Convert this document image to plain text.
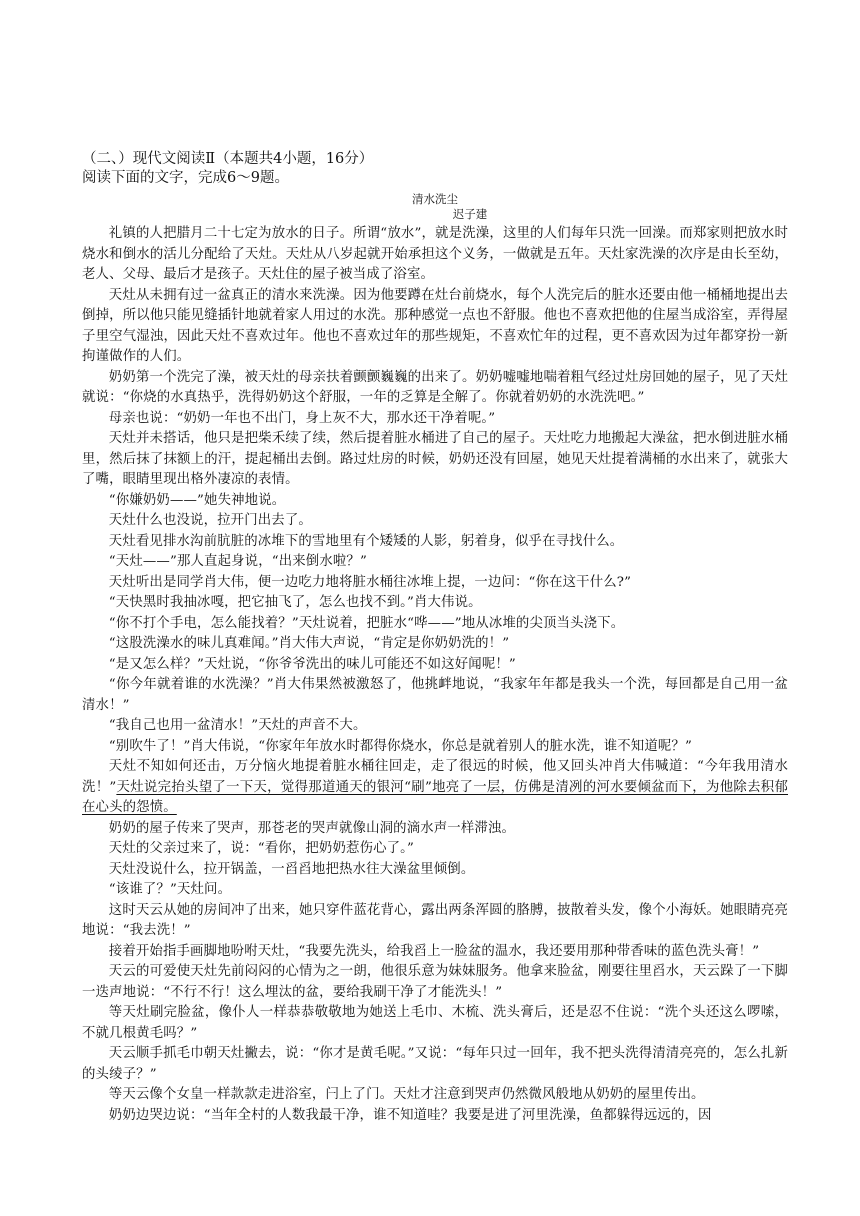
（二、）现代文阅读Ⅱ（本题共4小题，16分）

阅读下面的文字，完成6～9题。

清水洗尘

迟子建

礼镇的人把腊月二十七定为放水的日子。所谓“放水”，就是洗澡，这里的人们每年只洗一回澡。而郑家则把放水时烧水和倒水的活儿分配给了天灶。天灶从八岁起就开始承担这个义务，一做就是五年。天灶家洗澡的次序是由长至幼，老人、父母、最后才是孩子。天灶住的屋子被当成了浴室。

天灶从未拥有过一盆真正的清水来洗澡。因为他要蹲在灶台前烧水，每个人洗完后的脏水还要由他一桶桶地提出去倒掉，所以他只能见缝插针地就着家人用过的水洗。那种感觉一点也不舒服。他也不喜欢把他的住屋当成浴室，弄得屋子里空气湿浊，因此天灶不喜欢过年。他也不喜欢过年的那些规矩，不喜欢忙年的过程，更不喜欢因为过年都穿扮一新拘谨做作的人们。

奶奶第一个洗完了澡，被天灶的母亲扶着颤颤巍巍的出来了。奶奶嘘嘘地喘着粗气经过灶房回她的屋子，见了天灶就说：“你烧的水真热乎，洗得奶奶这个舒服，一年的乏算是全解了。你就着奶奶的水洗洗吧。”

母亲也说：“奶奶一年也不出门，身上灰不大，那水还干净着呢。”

天灶并未搭话，他只是把柴禾续了续，然后提着脏水桶进了自己的屋子。天灶吃力地搬起大澡盆，把水倒进脏水桶里，然后抹了抹额上的汗，提起桶出去倒。路过灶房的时候，奶奶还没有回屋，她见天灶提着满桶的水出来了，就张大了嘴，眼睛里现出格外凄凉的表情。

“你嫌奶奶——”她失神地说。

天灶什么也没说，拉开门出去了。

天灶看见排水沟前肮脏的冰堆下的雪地里有个矮矮的人影，躬着身，似乎在寻找什么。

“天灶——”那人直起身说，“出来倒水啦？”

天灶听出是同学肖大伟，便一边吃力地将脏水桶往冰堆上提，一边问：“你在这干什么?”

“天快黑时我抽冰嘎，把它抽飞了，怎么也找不到。”肖大伟说。

“你不打个手电，怎么能找着？”天灶说着，把脏水“哗——”地从冰堆的尖顶当头浇下。

“这股洗澡水的味儿真难闻。”肖大伟大声说，“肯定是你奶奶洗的！”

“是又怎么样？”天灶说，“你爷爷洗出的味儿可能还不如这好闻呢！”

“你今年就着谁的水洗澡？”肖大伟果然被激怒了，他挑衅地说，“我家年年都是我头一个洗，每回都是自己用一盆清水！”

“我自己也用一盆清水！”天灶的声音不大。

“别吹牛了！”肖大伟说，“你家年年放水时都得你烧水，你总是就着别人的脏水洗，谁不知道呢？”

天灶不知如何还击，万分恼火地提着脏水桶往回走，走了很远的时候，他又回头冲肖大伟喊道：“今年我用清水洗！”天灶说完抬头望了一下天，觉得那道通天的银河“刷”地亮了一层，仿佛是清冽的河水要倾盆而下，为他除去积郁在心头的怨愤。

奶奶的屋子传来了哭声，那苍老的哭声就像山洞的滴水声一样滞浊。

天灶的父亲过来了，说：“看你，把奶奶惹伤心了。”

天灶没说什么，拉开锅盖，一舀舀地把热水往大澡盆里倾倒。

“该谁了？”天灶问。

这时天云从她的房间冲了出来，她只穿件蓝花背心，露出两条浑圆的胳膊，披散着头发，像个小海妖。她眼睛亮亮地说：“我去洗！”

接着开始指手画脚地吩咐天灶，“我要先洗头，给我舀上一脸盆的温水，我还要用那种带香味的蓝色洗头膏！”

天云的可爱使天灶先前闷闷的心情为之一朗，他很乐意为妹妹服务。他拿来脸盆，刚要往里舀水，天云跺了一下脚一迭声地说：“不行不行！这么埋汰的盆，要给我刷干净了才能洗头！”

等天灶刷完脸盆，像仆人一样恭恭敬敬地为她送上毛巾、木梳、洗头膏后，还是忍不住说：“洗个头还这么啰嗦，不就几根黄毛吗？”

天云顺手抓毛巾朝天灶撇去，说：“你才是黄毛呢。”又说：“每年只过一回年，我不把头洗得清清亮亮的，怎么扎新的头绫子？”

等天云像个女皇一样款款走进浴室，闩上了门。天灶才注意到哭声仍然微风般地从奶奶的屋里传出。

奶奶边哭边说：“当年全村的人数我最干净，谁不知道哇？我要是进了河里洗澡，鱼都躲得远远的，因
